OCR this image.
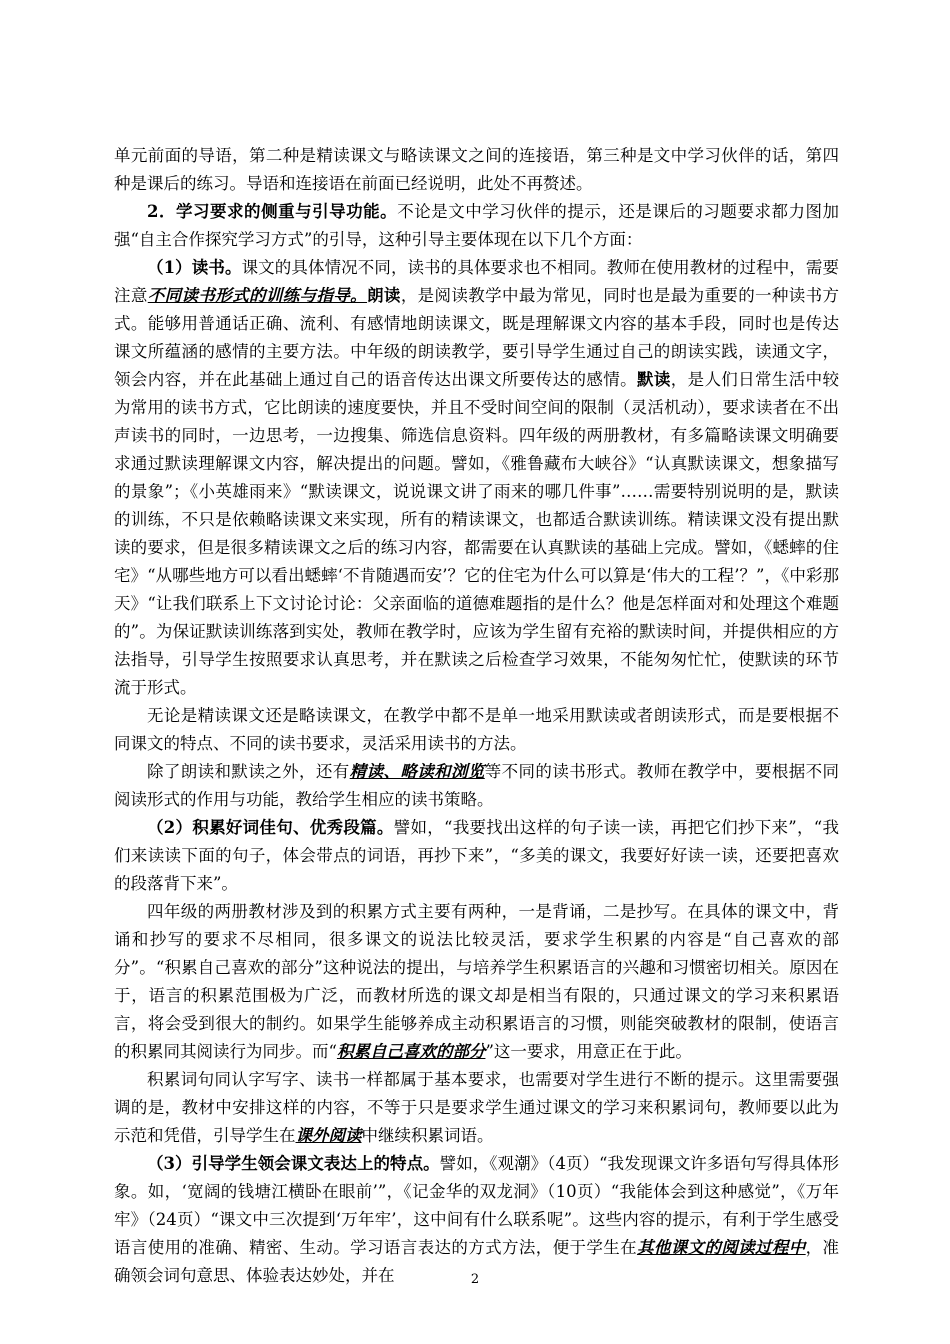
单元前面的导语，第二种是精读课文与略读课文之间的连接语，第三种是文中学习伙伴的话，第四种是课后的练习。导语和连接语在前面已经说明，此处不再赘述。

2．学习要求的侧重与引导功能。不论是文中学习伙伴的提示，还是课后的习题要求都力图加强“自主合作探究学习方式”的引导，这种引导主要体现在以下几个方面：

（1）读书。课文的具体情况不同，读书的具体要求也不相同。教师在使用教材的过程中，需要注意不同读书形式的训练与指导。朗读，是阅读教学中最为常见，同时也是最为重要的一种读书方式。能够用普通话正确、流利、有感情地朗读课文，既是理解课文内容的基本手段，同时也是传达课文所蕴涵的感情的主要方法。中年级的朗读教学，要引导学生通过自己的朗读实践，读通文字，领会内容，并在此基础上通过自己的语音传达出课文所要传达的感情。默读，是人们日常生活中较为常用的读书方式，它比朗读的速度要快，并且不受时间空间的限制（灵活机动），要求读者在不出声读书的同时，一边思考，一边搜集、筛选信息资料。四年级的两册教材，有多篇略读课文明确要求通过默读理解课文内容，解决提出的问题。譬如，《雅鲁藏布大峡谷》“认真默读课文，想象描写的景象”；《小英雄雨来》“默读课文，说说课文讲了雨来的哪几件事”……需要特别说明的是，默读的训练，不只是依赖略读课文来实现，所有的精读课文，也都适合默读训练。精读课文没有提出默读的要求，但是很多精读课文之后的练习内容，都需要在认真默读的基础上完成。譬如，《蟋蟀的住宅》“从哪些地方可以看出蟋蟀‘不肯随遇而安’？它的住宅为什么可以算是‘伟大的工程’？”，《中彩那天》“让我们联系上下文讨论讨论：父亲面临的道德难题指的是什么？他是怎样面对和处理这个难题的”。为保证默读训练落到实处，教师在教学时，应该为学生留有充裕的默读时间，并提供相应的方法指导，引导学生按照要求认真思考，并在默读之后检查学习效果，不能匆匆忙忙，使默读的环节流于形式。

无论是精读课文还是略读课文，在教学中都不是单一地采用默读或者朗读形式，而是要根据不同课文的特点、不同的读书要求，灵活采用读书的方法。

除了朗读和默读之外，还有精读、略读和浏览等不同的读书形式。教师在教学中，要根据不同阅读形式的作用与功能，教给学生相应的读书策略。

（2）积累好词佳句、优秀段篇。譬如，“我要找出这样的句子读一读，再把它们抄下来”，“我们来读读下面的句子，体会带点的词语，再抄下来”，“多美的课文，我要好好读一读，还要把喜欢的段落背下来”。

四年级的两册教材涉及到的积累方式主要有两种，一是背诵，二是抄写。在具体的课文中，背诵和抄写的要求不尽相同，很多课文的说法比较灵活，要求学生积累的内容是“自己喜欢的部分”。“积累自己喜欢的部分”这种说法的提出，与培养学生积累语言的兴趣和习惯密切相关。原因在于，语言的积累范围极为广泛，而教材所选的课文却是相当有限的，只通过课文的学习来积累语言，将会受到很大的制约。如果学生能够养成主动积累语言的习惯，则能突破教材的限制，使语言的积累同其阅读行为同步。而“积累自己喜欢的部分”这一要求，用意正在于此。

积累词句同认字写字、读书一样都属于基本要求，也需要对学生进行不断的提示。这里需要强调的是，教材中安排这样的内容，不等于只是要求学生通过课文的学习来积累词句，教师要以此为示范和凭借，引导学生在课外阅读中继续积累词语。

（3）引导学生领会课文表达上的特点。譬如，《观潮》（4页）“我发现课文许多语句写得具体形象。如，‘宽阔的钱塘江横卧在眼前’”，《记金华的双龙洞》（10页）“我能体会到这种感觉”，《万年牢》（24页）“课文中三次提到‘万年牢’，这中间有什么联系呢”。这些内容的提示，有利于学生感受语言使用的准确、精密、生动。学习语言表达的方式方法，便于学生在其他课文的阅读过程中，准确领会词句意思、体验表达妙处，并在	2
